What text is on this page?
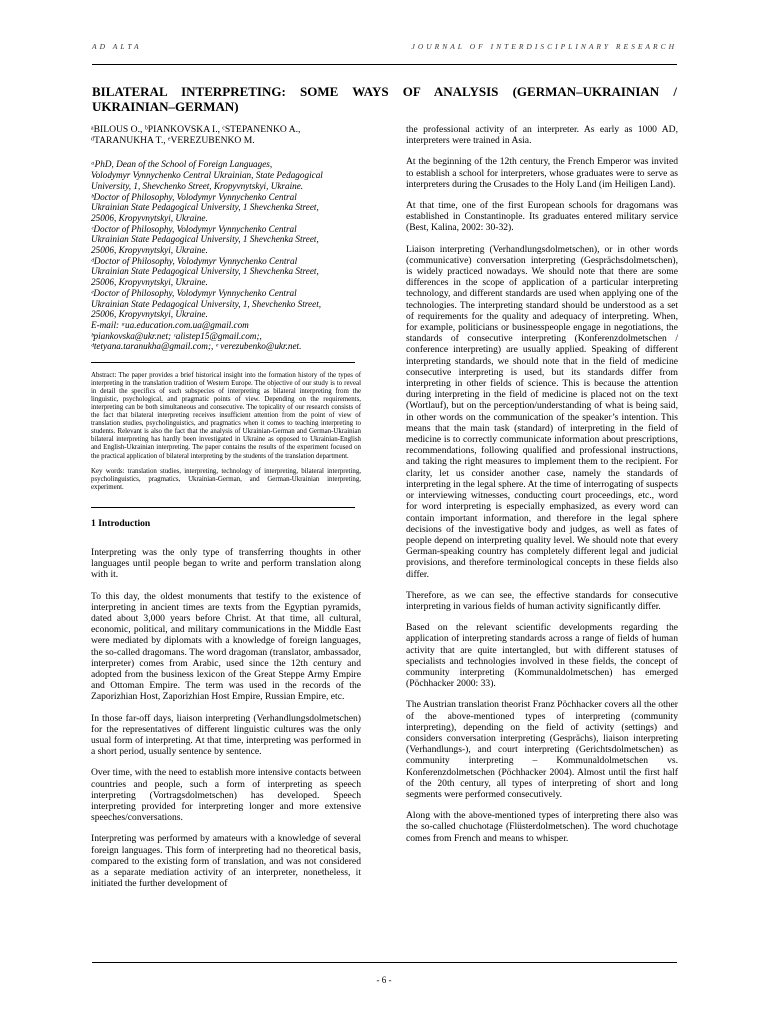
AD ALTA	JOURNAL OF INTERDISCIPLINARY RESEARCH
BILATERAL INTERPRETING: SOME WAYS OF ANALYSIS (GERMAN–UKRAINIAN / UKRAINIAN–GERMAN)
ᵃBILOUS O., ᵇPIANKOVSKA I., ᶜSTEPANENKO A.,
ᵈTARANUKHA T., ᵉVEREZUBENKO M.
ᵃPhD, Dean of the School of Foreign Languages,
Volodymyr Vynnychenko Central Ukrainian, State Pedagogical
University, 1, Shevchenko Street, Kropyvnytskyi, Ukraine.
ᵇDoctor of Philosophy, Volodymyr Vynnychenko Central
Ukrainian State Pedagogical University, 1 Shevchenka Street,
25006, Kropyvnytskyi, Ukraine.
ᶜDoctor of Philosophy, Volodymyr Vynnychenko Central
Ukrainian State Pedagogical University, 1 Shevchenka Street,
25006, Kropyvnytskyi, Ukraine.
ᵈDoctor of Philosophy, Volodymyr Vynnychenko Central
Ukrainian State Pedagogical University, 1 Shevchenka Street,
25006, Kropyvnytskyi, Ukraine.
ᵉDoctor of Philosophy, Volodymyr Vynnychenko Central
Ukrainian State Pedagogical University, 1, Shevchenko Street,
25006, Kropyvnytskyi, Ukraine.
E-mail: ᵃua.education.com.ua@gmail.com
ᵇpiankovska@ukr.net; ᶜalistep15@gmail.com;,
ᵈtetyana.taranukha@gmail.com;, ᵉ verezubenko@ukr.net.

Abstract: The paper provides a brief historical insight into the formation history of the types of interpreting in the translation tradition of Western Europe. The objective of our study is to reveal in detail the specifics of such subspecies of interpreting as bilateral interpreting from the linguistic, psychological, and pragmatic points of view. Depending on the requirements, interpreting can be both simultaneous and consecutive. The topicality of our research consists of the fact that bilateral interpreting receives insufficient attention from the point of view of translation studies, psycholinguistics, and pragmatics when it comes to teaching interpreting to students. Relevant is also the fact that the analysis of Ukrainian-German and German-Ukrainian bilateral interpreting has hardly been investigated in Ukraine as opposed to Ukrainian-English and English-Ukrainian interpreting. The paper contains the results of the experiment focused on the practical application of bilateral interpreting by the students of the translation department.

Key words: translation studies, interpreting, technology of interpreting, bilateral interpreting, psycholinguistics, pragmatics, Ukrainian-German, and German-Ukrainian interpreting, experiment.

1 Introduction

Interpreting was the only type of transferring thoughts in other languages until people began to write and perform translation along with it.

To this day, the oldest monuments that testify to the existence of interpreting in ancient times are texts from the Egyptian pyramids, dated about 3,000 years before Christ. At that time, all cultural, economic, political, and military communications in the Middle East were mediated by diplomats with a knowledge of foreign languages, the so-called dragomans. The word dragoman (translator, ambassador, interpreter) comes from Arabic, used since the 12th century and adopted from the business lexicon of the Great Steppe Army Empire and Ottoman Empire. The term was used in the records of the Zaporizhian Host, Zaporizhian Host Empire, Russian Empire, etc.

In those far-off days, liaison interpreting (Verhandlungsdolmetschen) for the representatives of different linguistic cultures was the only usual form of interpreting. At that time, interpreting was performed in a short period, usually sentence by sentence.

Over time, with the need to establish more intensive contacts between countries and people, such a form of interpreting as speech interpreting (Vortragsdolmetschen) has developed. Speech interpreting provided for interpreting longer and more extensive speeches/conversations.

Interpreting was performed by amateurs with a knowledge of several foreign languages. This form of interpreting had no theoretical basis, compared to the existing form of translation, and was not considered as a separate mediation activity of an interpreter, nonetheless, it initiated the further development of

the professional activity of an interpreter. As early as 1000 AD, interpreters were trained in Asia.

At the beginning of the 12th century, the French Emperor was invited to establish a school for interpreters, whose graduates were to serve as interpreters during the Crusades to the Holy Land (im Heiligen Land).

At that time, one of the first European schools for dragomans was established in Constantinople. Its graduates entered military service (Best, Kalina, 2002: 30-32).

Liaison interpreting (Verhandlungsdolmetschen), or in other words (communicative) conversation interpreting (Gesprächsdolmetschen), is widely practiced nowadays. We should note that there are some differences in the scope of application of a particular interpreting technology, and different standards are used when applying one of the technologies. The interpreting standard should be understood as a set of requirements for the quality and adequacy of interpreting. When, for example, politicians or businesspeople engage in negotiations, the standards of consecutive interpreting (Konferenzdolmetschen / conference interpreting) are usually applied. Speaking of different interpreting standards, we should note that in the field of medicine consecutive interpreting is used, but its standards differ from interpreting in other fields of science. This is because the attention during interpreting in the field of medicine is placed not on the text (Wortlauf), but on the perception/understanding of what is being said, in other words on the communication of the speaker’s intention. This means that the main task (standard) of interpreting in the field of medicine is to correctly communicate information about prescriptions, recommendations, following qualified and professional instructions, and taking the right measures to implement them to the recipient. For clarity, let us consider another case, namely the standards of interpreting in the legal sphere. At the time of interrogating of suspects or interviewing witnesses, conducting court proceedings, etc., word for word interpreting is especially emphasized, as every word can contain important information, and therefore in the legal sphere decisions of the investigative body and judges, as well as fates of people depend on interpreting quality level. We should note that every German-speaking country has completely different legal and judicial provisions, and therefore terminological concepts in these fields also differ.

Therefore, as we can see, the effective standards for consecutive interpreting in various fields of human activity significantly differ.

Based on the relevant scientific developments regarding the application of interpreting standards across a range of fields of human activity that are quite intertangled, but with different statuses of specialists and technologies involved in these fields, the concept of community interpreting (Kommunaldolmetschen) has emerged (Pöchhacker 2000: 33).

The Austrian translation theorist Franz Pöchhacker covers all the other of the above-mentioned types of interpreting (community interpreting), depending on the field of activity (settings) and considers conversation interpreting (Gesprächs), liaison interpreting (Verhandlungs-), and court interpreting (Gerichtsdolmetschen) as community interpreting – Kommunaldolmetschen vs. Konferenzdolmetschen (Pöchhacker 2004). Almost until the first half of the 20th century, all types of interpreting of short and long segments were performed consecutively.

Along with the above-mentioned types of interpreting there also was the so-called chuchotage (Flüsterdolmetschen). The word chuchotage comes from French and means to whisper.

- 6 -
